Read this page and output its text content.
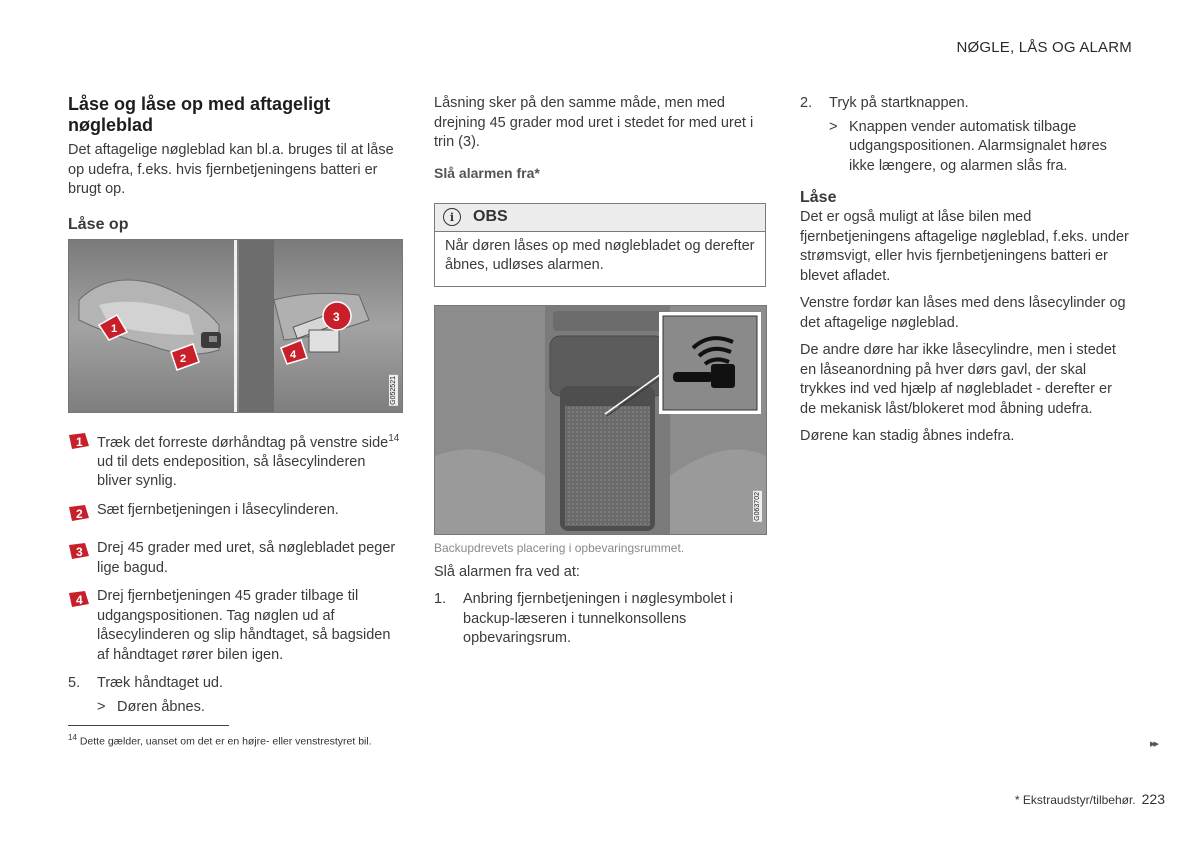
NØGLE, LÅS OG ALARM
Låse og låse op med aftageligt nøgleblad

Det aftagelige nøgleblad kan bl.a. bruges til at låse op udefra, f.eks. hvis fjernbetjeningens batteri er brugt op.

Låse op
1
2
3
4
G052521
1 Træk det forreste dørhåndtag på venstre side$^{14}$ ud til dets endeposition, så låsecylinderen bliver synlig.
2 Sæt fjernbetjeningen i låsecylinderen.
3 Drej 45 grader med uret, så nøglebladet peger lige bagud.
4 Drej fjernbetjeningen 45 grader tilbage til udgangspositionen. Tag nøglen ud af låsecylinderen og slip håndtaget, så bagsiden af håndtaget rører bilen igen.
5. Træk håndtaget ud.
> Døren åbnes.

Låsning sker på den samme måde, men med drejning 45 grader mod uret i stedet for med uret i trin (3).

Slå alarmen fra*
i	OBS
Når døren låses op med nøglebladet og derefter åbnes, udløses alarmen.
G063702
Backupdrevets placering i opbevaringsrummet.

Slå alarmen fra ved at:

1. Anbring fjernbetjeningen i nøglesymbolet i backup-læseren i tunnelkonsollens opbevaringsrum.
2. Tryk på startknappen.
> Knappen vender automatisk tilbage udgangspositionen. Alarmsignalet høres ikke længere, og alarmen slås fra.
Låse

Det er også muligt at låse bilen med fjernbetjeningens aftagelige nøgleblad, f.eks. under strømsvigt, eller hvis fjernbetjeningens batteri er blevet afladet.

Venstre fordør kan låses med dens låsecylinder og det aftagelige nøgleblad.

De andre døre har ikke låsecylindre, men i stedet en låseanordning på hver dørs gavl, der skal trykkes ind ved hjælp af nøglebladet - derefter er de mekanisk låst/blokeret mod åbning udefra.

Dørene kan stadig åbnes indefra.

$^{14}$ Dette gælder, uanset om det er en højre- eller venstrestyret bil.	▸▸
* Ekstraudstyr/tilbehør. 223
